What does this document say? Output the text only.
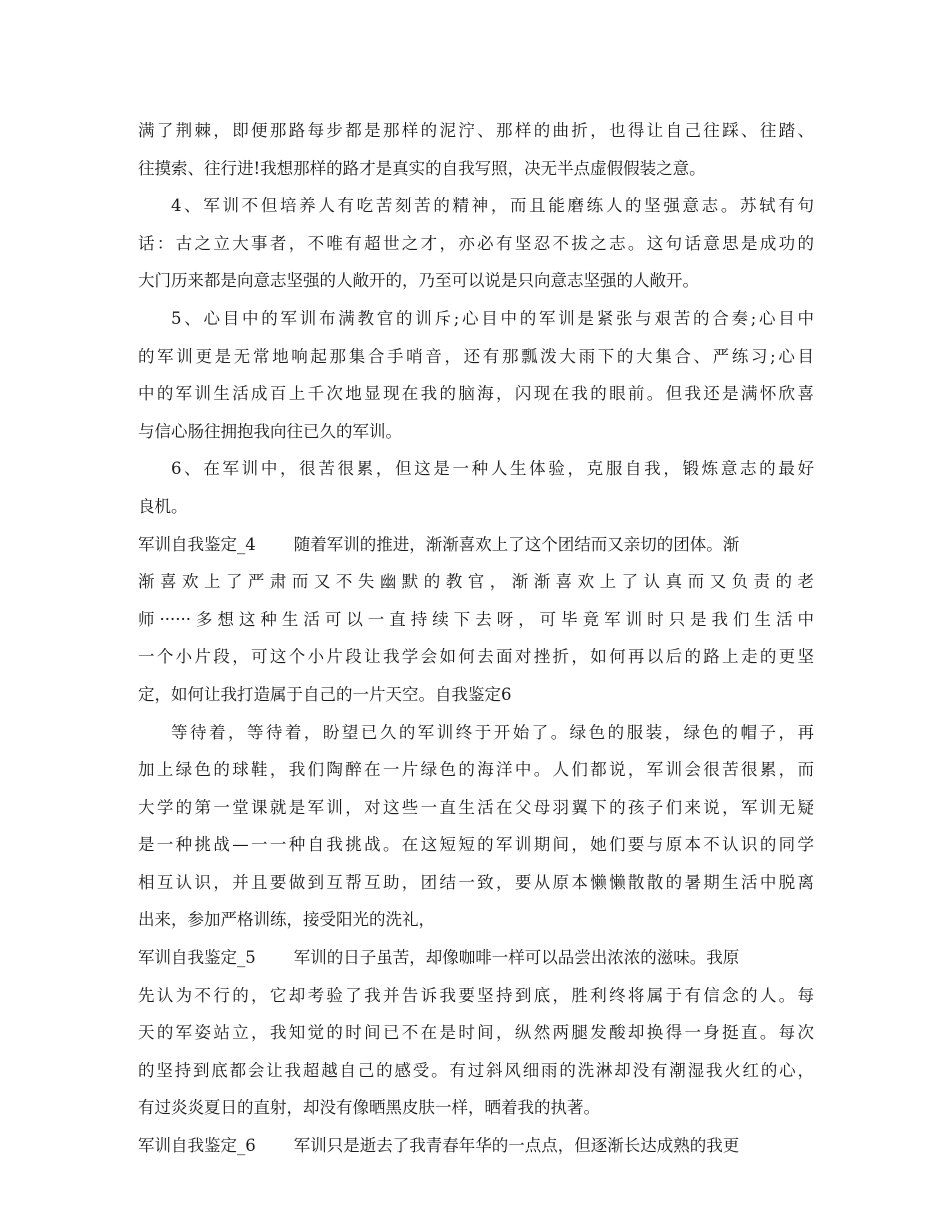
满了荆棘，即便那路每步都是那样的泥泞、那样的曲折，也得让自己往踩、往踏、
往摸索、往行进!我想那样的路才是真实的自我写照，决无半点虚假假装之意。
4、军训不但培养人有吃苦刻苦的精神，而且能磨练人的坚强意志。苏轼有句
话：古之立大事者，不唯有超世之才，亦必有坚忍不拔之志。这句话意思是成功的
大门历来都是向意志坚强的人敞开的，乃至可以说是只向意志坚强的人敞开。
5、心目中的军训布满教官的训斥;心目中的军训是紧张与艰苦的合奏;心目中
的军训更是无常地响起那集合手哨音，还有那瓢泼大雨下的大集合、严练习;心目
中的军训生活成百上千次地显现在我的脑海，闪现在我的眼前。但我还是满怀欣喜
与信心肠往拥抱我向往已久的军训。
6、在军训中，很苦很累，但这是一种人生体验，克服自我，锻炼意志的最好
良机。
军训自我鉴定_4 随着军训的推进，渐渐喜欢上了这个团结而又亲切的团体。渐
渐喜欢上了严肃而又不失幽默的教官，渐渐喜欢上了认真而又负责的老
师······多想这种生活可以一直持续下去呀，可毕竟军训时只是我们生活中
一个小片段，可这个小片段让我学会如何去面对挫折，如何再以后的路上走的更坚
定，如何让我打造属于自己的一片天空。自我鉴定6
等待着，等待着，盼望已久的军训终于开始了。绿色的服装，绿色的帽子，再
加上绿色的球鞋，我们陶醉在一片绿色的海洋中。人们都说，军训会很苦很累，而
大学的第一堂课就是军训，对这些一直生活在父母羽翼下的孩子们来说，军训无疑
是一种挑战—一一种自我挑战。在这短短的军训期间，她们要与原本不认识的同学
相互认识，并且要做到互帮互助，团结一致，要从原本懒懒散散的暑期生活中脱离
出来，参加严格训练，接受阳光的洗礼，
军训自我鉴定_5 军训的日子虽苦，却像咖啡一样可以品尝出浓浓的滋味。我原
先认为不行的，它却考验了我并告诉我要坚持到底，胜利终将属于有信念的人。每
天的军姿站立，我知觉的时间已不在是时间，纵然两腿发酸却换得一身挺直。每次
的坚持到底都会让我超越自己的感受。有过斜风细雨的洗淋却没有潮湿我火红的心，
有过炎炎夏日的直射，却没有像晒黑皮肤一样，晒着我的执著。
军训自我鉴定_6 军训只是逝去了我青春年华的一点点，但逐渐长达成熟的我更
